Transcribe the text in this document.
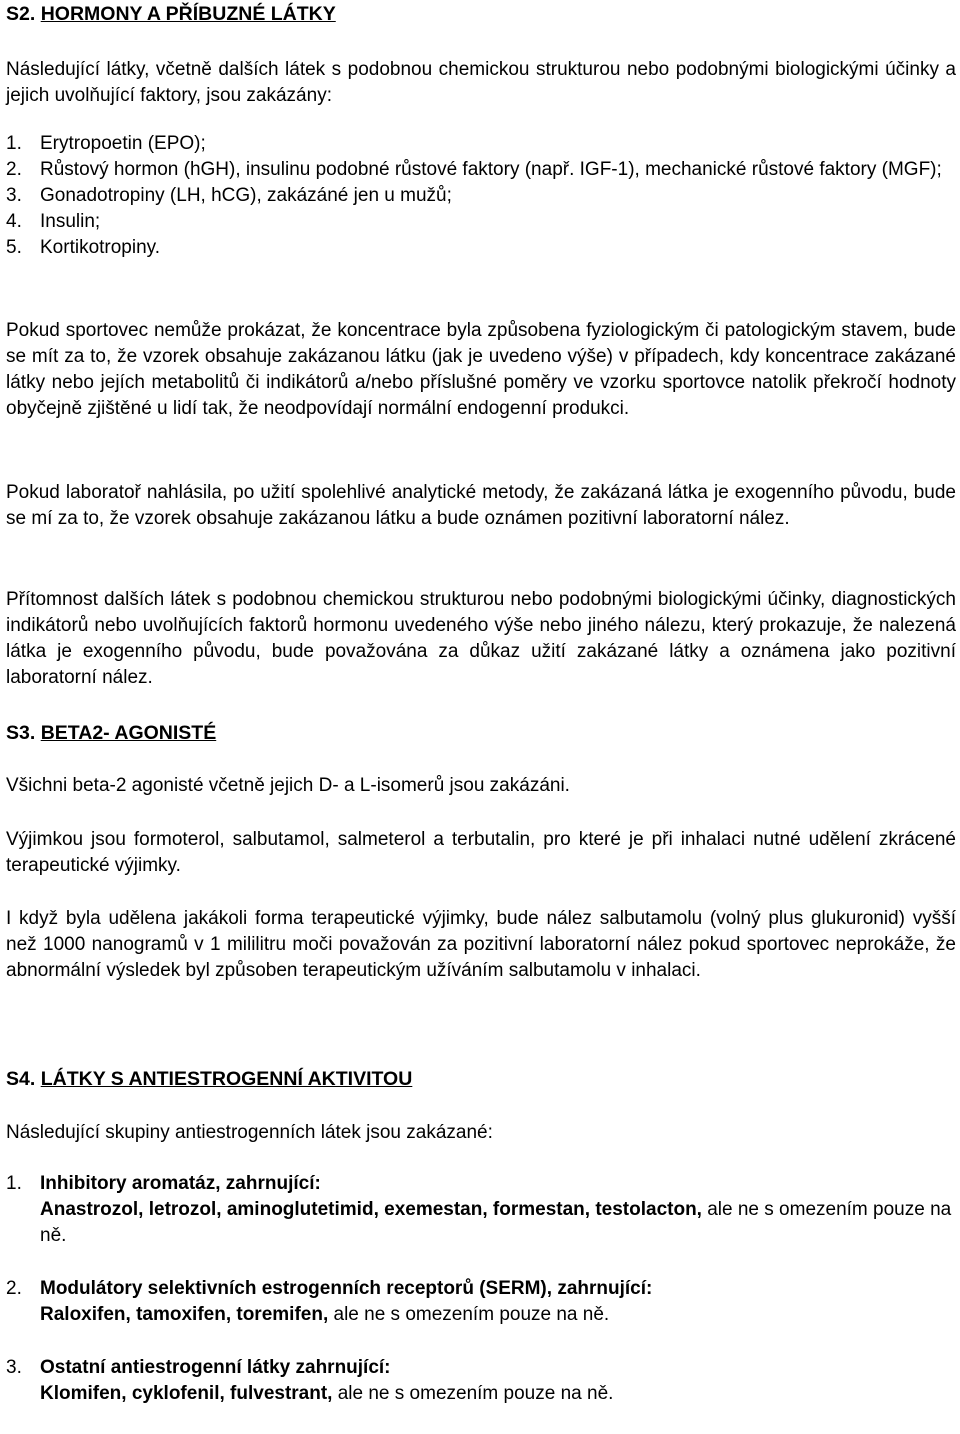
S2. HORMONY A PŘÍBUZNÉ LÁTKY

Následující látky, včetně dalších látek s podobnou chemickou strukturou nebo podobnými biologickými účinky a jejich uvolňující faktory, jsou zakázány:

1. Erytropoetin (EPO);
2. Růstový hormon (hGH), insulinu podobné růstové faktory (např. IGF-1), mechanické růstové faktory (MGF);
3. Gonadotropiny (LH, hCG), zakázáné jen u mužů;
4. Insulin;
5. Kortikotropiny.

Pokud sportovec nemůže prokázat, že koncentrace byla způsobena fyziologickým či patologickým stavem, bude se mít za to, že vzorek obsahuje zakázanou látku (jak je uvedeno výše) v případech, kdy koncentrace zakázané látky nebo jejích metabolitů či indikátorů a/nebo příslušné poměry ve vzorku sportovce natolik překročí hodnoty obyčejně zjištěné u lidí tak, že neodpovídají normální endogenní produkci.

Pokud laboratoř nahlásila, po užití spolehlivé analytické metody, že zakázaná látka je exogenního původu, bude se mí za to, že vzorek obsahuje zakázanou látku a bude oznámen pozitivní laboratorní nález.

Přítomnost dalších látek s podobnou chemickou strukturou nebo podobnými biologickými účinky, diagnostických indikátorů nebo uvolňujících faktorů hormonu uvedeného výše nebo jiného nálezu, který prokazuje, že nalezená látka je exogenního původu, bude považována za důkaz užití zakázané látky a oznámena jako pozitivní laboratorní nález.

S3. BETA2- AGONISTÉ

Všichni beta-2 agonisté včetně jejich D- a L-isomerů jsou zakázáni.

Výjimkou jsou formoterol, salbutamol, salmeterol a terbutalin, pro které je při inhalaci nutné udělení zkrácené terapeutické výjimky.

I když byla udělena jakákoli forma terapeutické výjimky, bude nález salbutamolu (volný plus glukuronid) vyšší než 1000 nanogramů v 1 mililitru moči považován za pozitivní laboratorní nález pokud sportovec neprokáže, že abnormální výsledek byl způsoben terapeutickým užíváním salbutamolu v inhalaci.

S4. LÁTKY S ANTIESTROGENNÍ AKTIVITOU

Následující skupiny antiestrogenních látek jsou zakázané:

1. Inhibitory aromatáz, zahrnující:
Anastrozol, letrozol, aminoglutetimid, exemestan, formestan, testolacton, ale ne s omezením pouze na ně.
2. Modulátory selektivních estrogenních receptorů (SERM), zahrnující:
Raloxifen, tamoxifen, toremifen, ale ne s omezením pouze na ně.
3. Ostatní antiestrogenní látky zahrnující:
Klomifen, cyklofenil, fulvestrant, ale ne s omezením pouze na ně.
